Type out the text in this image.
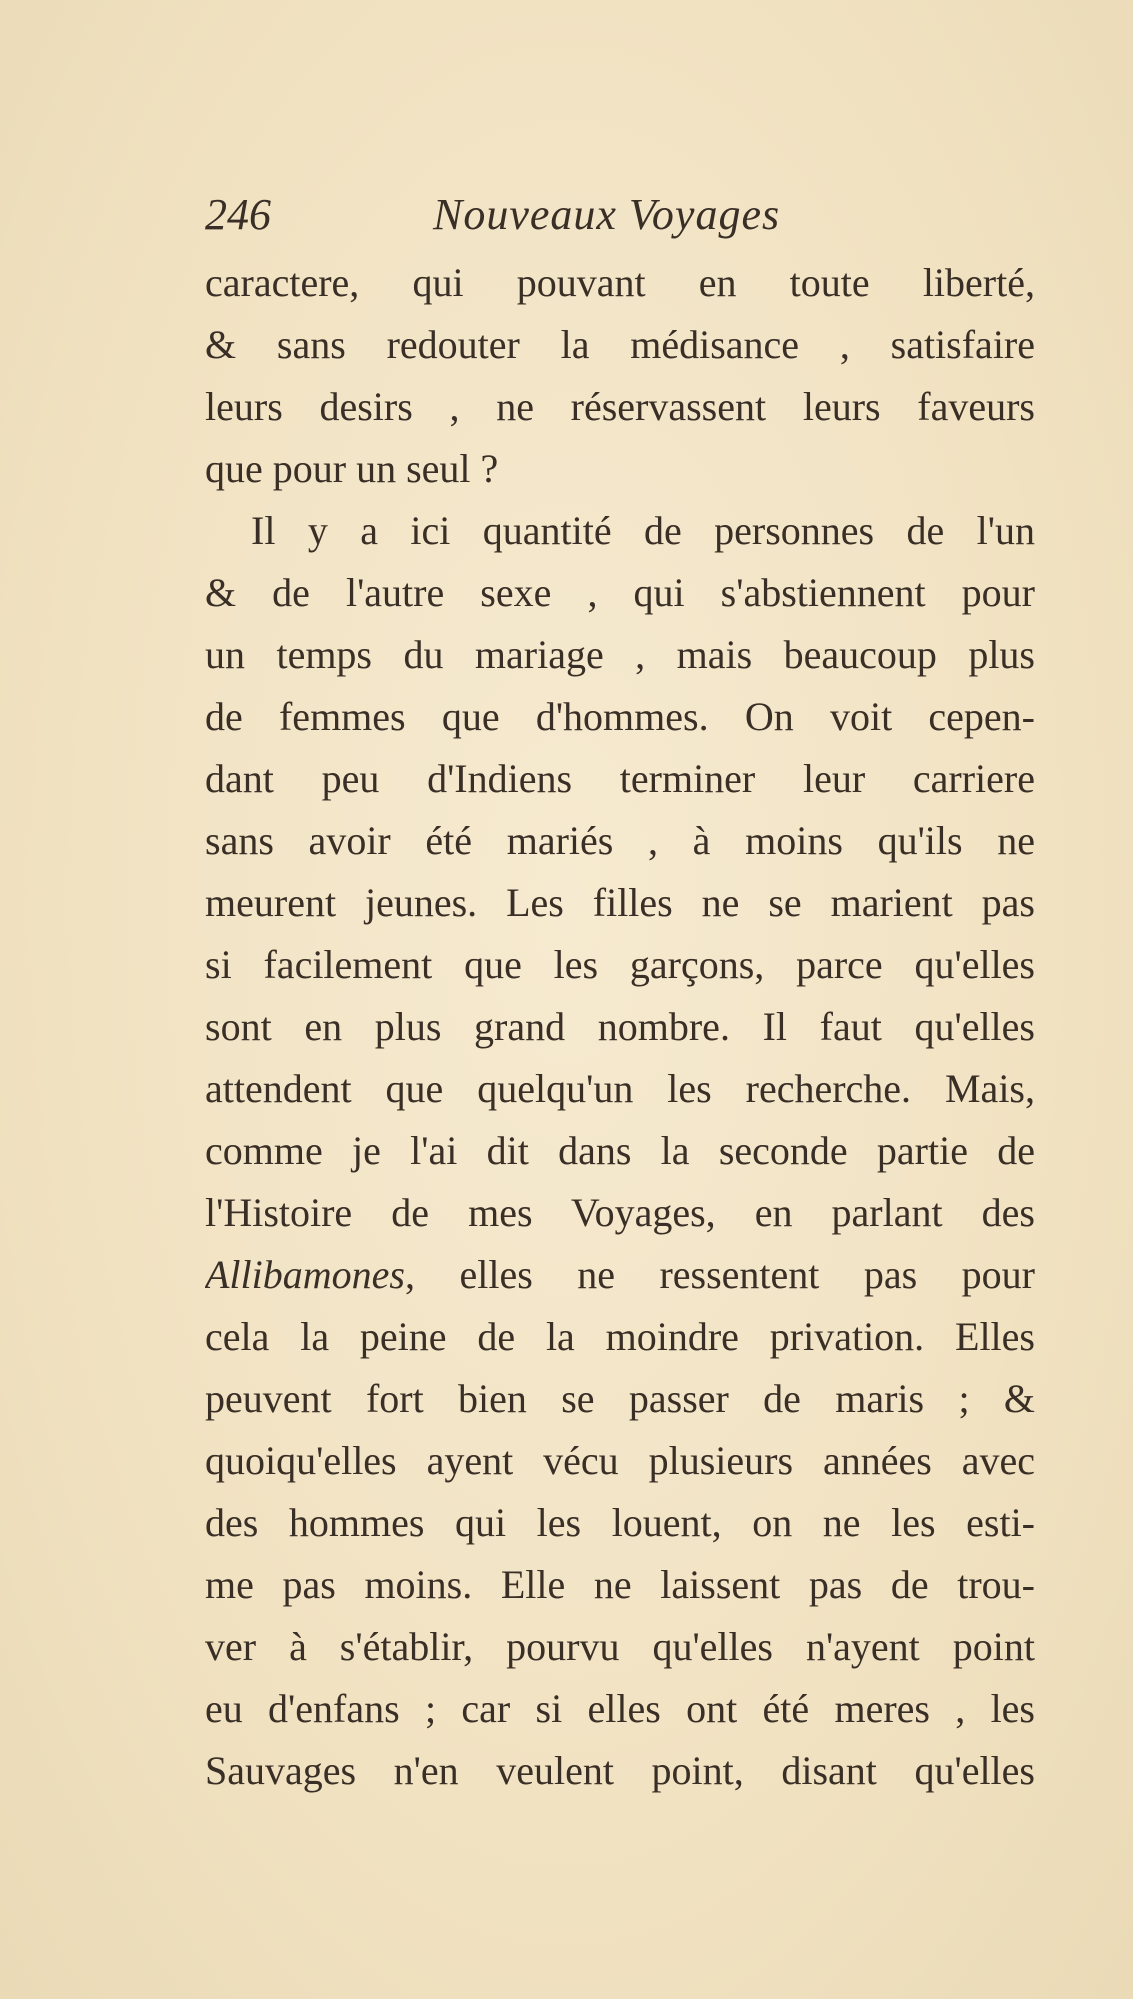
246	Nouveaux Voyages
caractere, qui pouvant en toute liberté,
& sans redouter la médisance , satisfaire
leurs desirs , ne réservassent leurs faveurs
que pour un seul ?
Il y a ici quantité de personnes de l'un
& de l'autre sexe , qui s'abstiennent pour
un temps du mariage , mais beaucoup plus
de femmes que d'hommes. On voit cepen-
dant peu d'Indiens terminer leur carriere
sans avoir été mariés , à moins qu'ils ne
meurent jeunes. Les filles ne se marient pas
si facilement que les garçons, parce qu'elles
sont en plus grand nombre. Il faut qu'elles
attendent que quelqu'un les recherche. Mais,
comme je l'ai dit dans la seconde partie de
l'Histoire de mes Voyages, en parlant des
Allibamones, elles ne ressentent pas pour
cela la peine de la moindre privation. Elles
peuvent fort bien se passer de maris ; &
quoiqu'elles ayent vécu plusieurs années avec
des hommes qui les louent, on ne les esti-
me pas moins. Elle ne laissent pas de trou-
ver à s'établir, pourvu qu'elles n'ayent point
eu d'enfans ; car si elles ont été meres , les
Sauvages n'en veulent point, disant qu'elles
